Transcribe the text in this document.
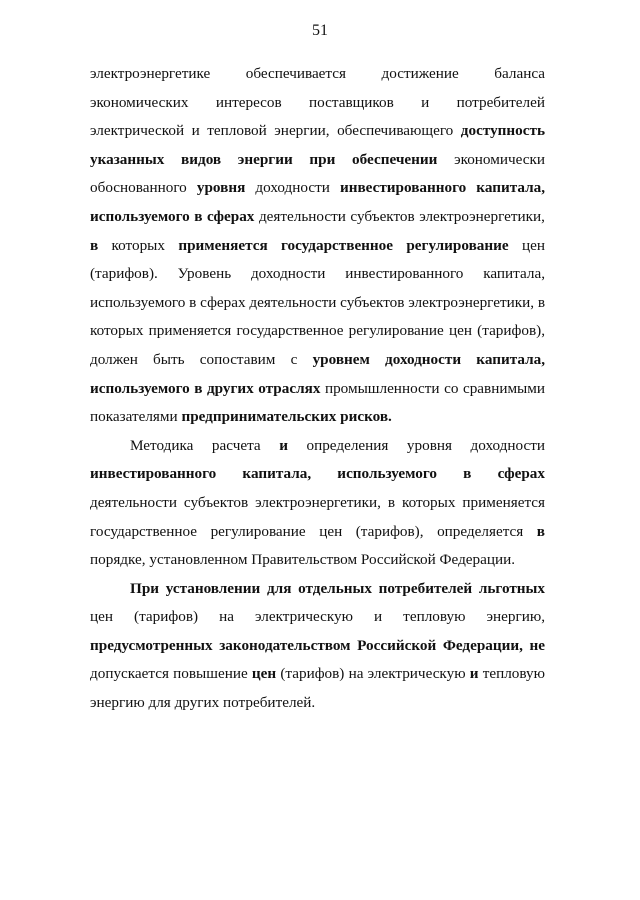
51

электроэнергетике обеспечивается достижение баланса экономических интересов поставщиков и потребителей электрической и тепловой энергии, обеспечивающего доступность указанных видов энергии при обеспечении экономически обоснованного уровня доходности инвестированного капитала, используемого в сферах деятельности субъектов электроэнергетики, в которых применяется государственное регулирование цен (тарифов). Уровень доходности инвестированного капитала, используемого в сферах деятельности субъектов электроэнергетики, в которых применяется государственное регулирование цен (тарифов), должен быть сопоставим с уровнем доходности капитала, используемого в других отраслях промышленности со сравнимыми показателями предпринимательских рисков.

Методика расчета и определения уровня доходности инвестированного капитала, используемого в сферах деятельности субъектов электроэнергетики, в которых применяется государственное регулирование цен (тарифов), определяется в порядке, установленном Правительством Российской Федерации.

При установлении для отдельных потребителей льготных цен (тарифов) на электрическую и тепловую энергию, предусмотренных законодательством Российской Федерации, не допускается повышение цен (тарифов) на электрическую и тепловую энергию для других потребителей.
